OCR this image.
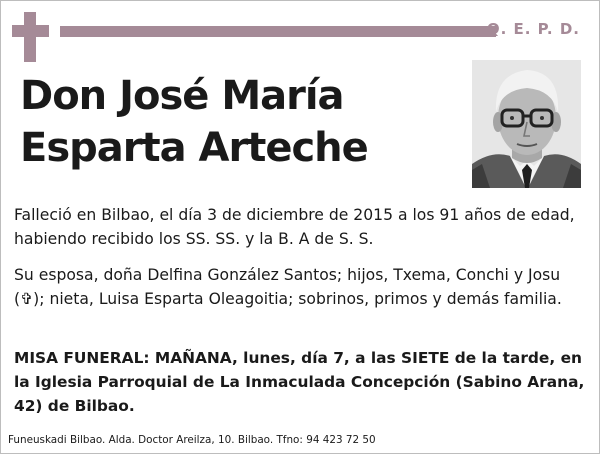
Q. E. P. D.
Don José María
Esparta Arteche
Falleció en Bilbao, el día 3 de diciembre de 2015 a los 91 años de edad, habiendo recibido los SS. SS. y la B. A de S. S.
Su esposa, doña Delfina González Santos; hijos, Txema, Conchi y Josu (✞); nieta, Luisa Esparta Oleagoitia; sobrinos, primos y demás familia.
MISA FUNERAL: MAÑANA, lunes, día 7, a las SIETE de la tarde, en la Iglesia Parroquial de La Inmaculada Concepción (Sabino Arana, 42) de Bilbao.
Funeuskadi Bilbao. Alda. Doctor Areilza, 10. Bilbao. Tfno: 94 423 72 50
